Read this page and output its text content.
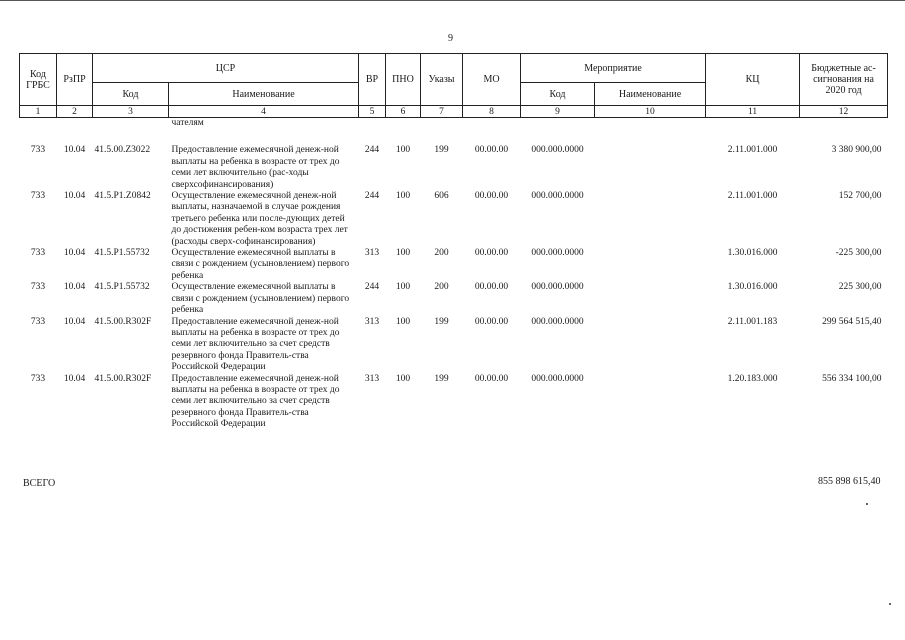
9
Код ГРБС	РзПР	ЦСР		ВР	ПНО	Указы	МО	Мероприятие		КЦ	Бюджетные ас-сигнования на 2020 год
		Код	Наименование					Код	Наименование		
1	2	3	4	5	6	7	8	9	10	11	12
			чателям								

733	10.04	41.5.00.Z3022	Предоставление ежемесячной денеж-ной выплаты на ребенка в возрасте от трех до семи лет включительно (рас-ходы сверхсофинансирования)	244	100	199	00.00.00	000.000.0000		2.11.001.000	3 380 900,00
733	10.04	41.5.P1.Z0842	Осуществление ежемесячной денеж-ной выплаты, назначаемой в случае рождения третьего ребенка или после-дующих детей до достижения ребен-ком возраста трех лет (расходы сверх-софинансирования)	244	100	606	00.00.00	000.000.0000		2.11.001.000	152 700,00
733	10.04	41.5.P1.55732	Осуществление ежемесячной выплаты в связи с рождением (усыновлением) первого ребенка	313	100	200	00.00.00	000.000.0000		1.30.016.000	-225 300,00
733	10.04	41.5.P1.55732	Осуществление ежемесячной выплаты в связи с рождением (усыновлением) первого ребенка	244	100	200	00.00.00	000.000.0000		1.30.016.000	225 300,00
733	10.04	41.5.00.R302F	Предоставление ежемесячной денеж-ной выплаты на ребенка в возрасте от трех до семи лет включительно за счет средств резервного фонда Правитель-ства Российской Федерации	313	100	199	00.00.00	000.000.0000		2.11.001.183	299 564 515,40
733	10.04	41.5.00.R302F	Предоставление ежемесячной денеж-ной выплаты на ребенка в возрасте от трех до семи лет включительно за счет средств резервного фонда Правитель-ства Российской Федерации	313	100	199	00.00.00	000.000.0000		1.20.183.000	556 334 100,00
ВСЕГО	855 898 615,40
